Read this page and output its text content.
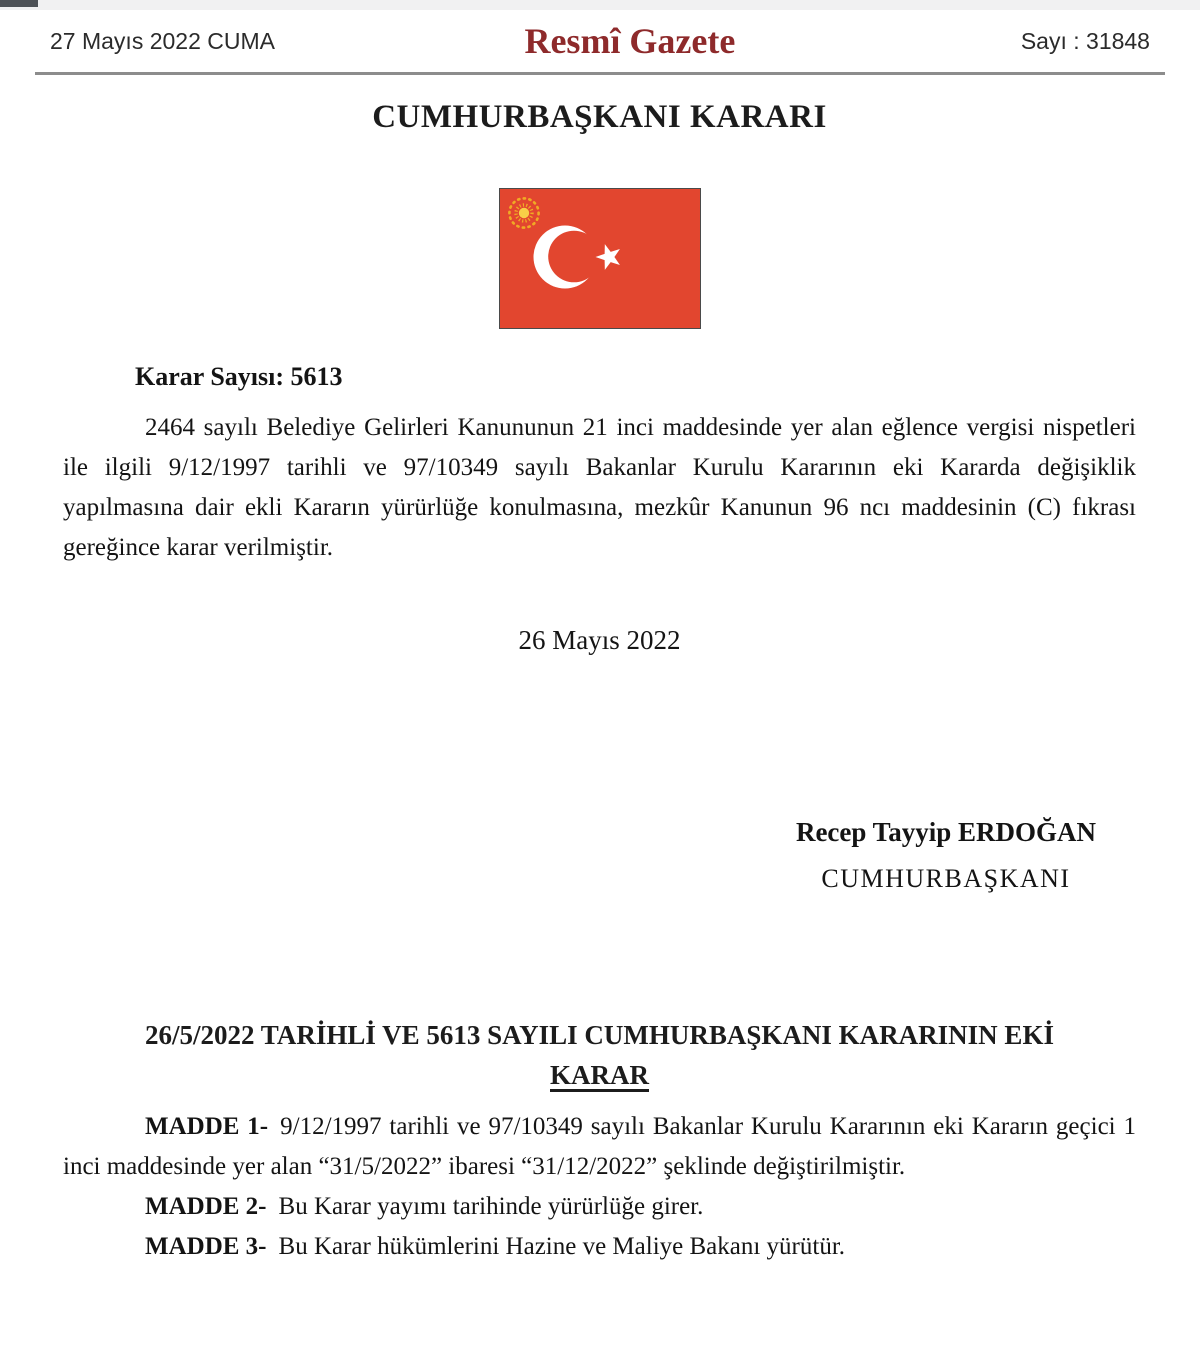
27 Mayıs 2022 CUMA	Resmî Gazete	Sayı : 31848
CUMHURBAŞKANI KARARI

Karar Sayısı: 5613

2464 sayılı Belediye Gelirleri Kanununun 21 inci maddesinde yer alan eğlence vergisi nispetleri ile ilgili 9/12/1997 tarihli ve 97/10349 sayılı Bakanlar Kurulu Kararının eki Kararda değişiklik yapılmasına dair ekli Kararın yürürlüğe konulmasına, mezkûr Kanunun 96 ncı maddesinin (C) fıkrası gereğince karar verilmiştir.

26 Mayıs 2022

Recep Tayyip ERDOĞAN
CUMHURBAŞKANI
26/5/2022 TARİHLİ VE 5613 SAYILI CUMHURBAŞKANI KARARININ EKİ
KARAR

MADDE 1- 9/12/1997 tarihli ve 97/10349 sayılı Bakanlar Kurulu Kararının eki Kararın geçici 1 inci maddesinde yer alan “31/5/2022” ibaresi “31/12/2022” şeklinde değiştirilmiştir.

MADDE 2- Bu Karar yayımı tarihinde yürürlüğe girer.

MADDE 3- Bu Karar hükümlerini Hazine ve Maliye Bakanı yürütür.
